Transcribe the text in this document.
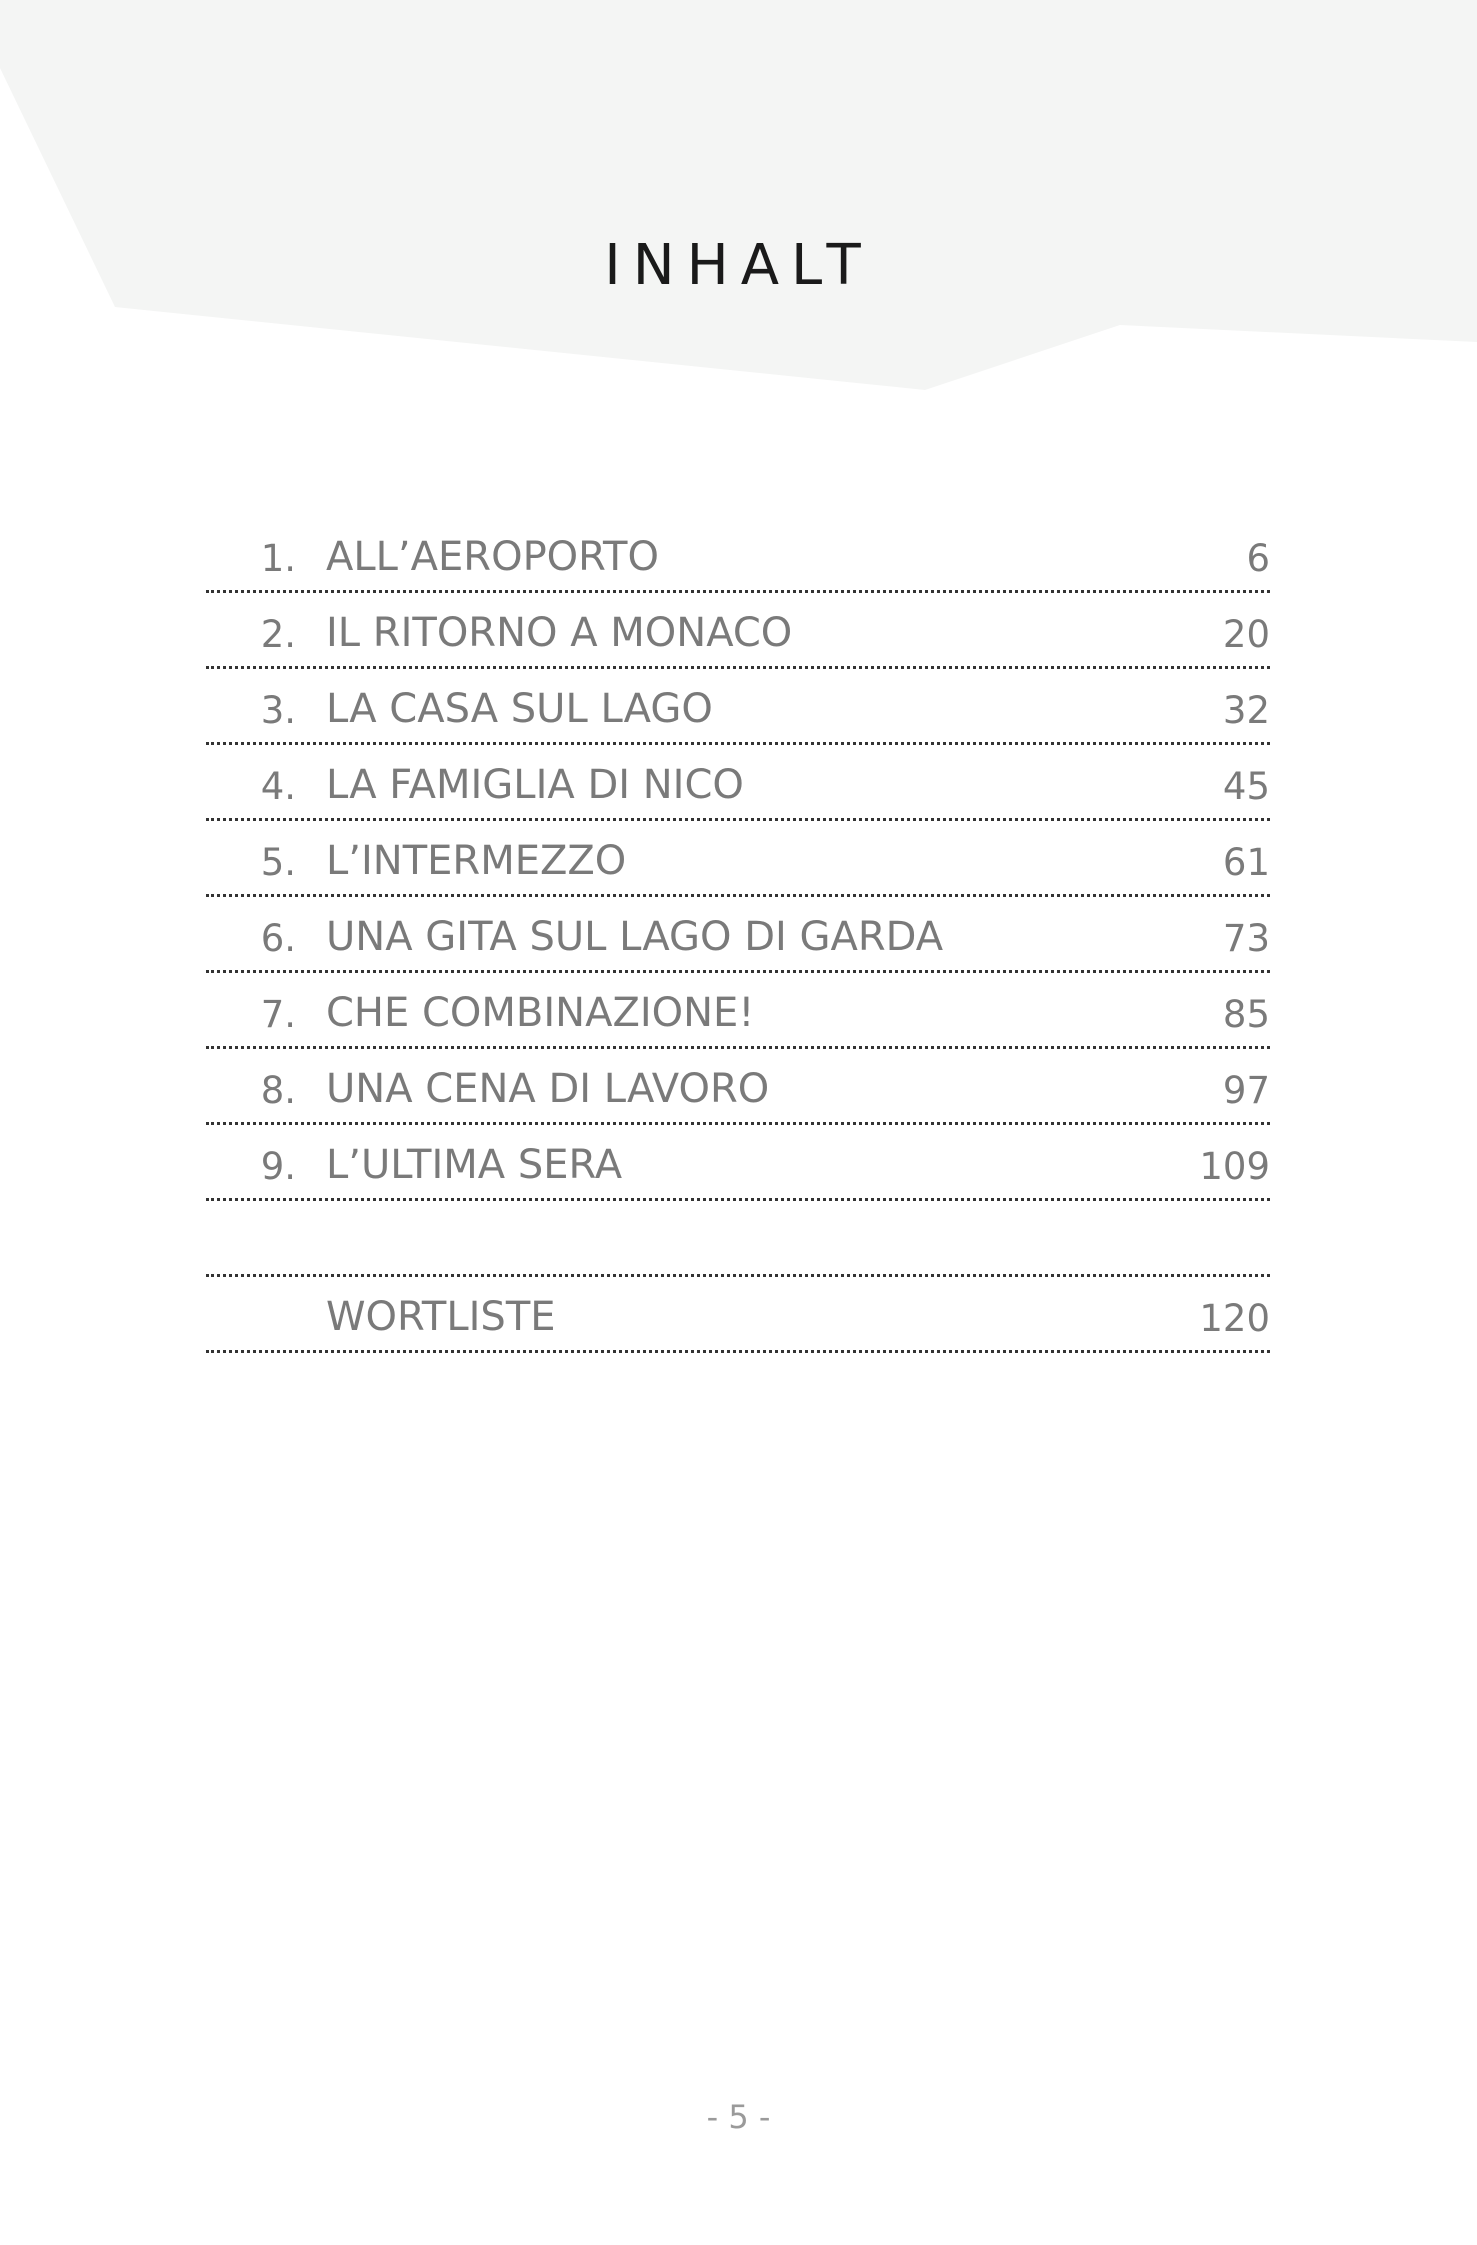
INHALT
1. ALL’AEROPORTO	6
2. IL RITORNO A MONACO	20
3. LA CASA SUL LAGO	32
4. LA FAMIGLIA DI NICO	45
5. L’INTERMEZZO	61
6. UNA GITA SUL LAGO DI GARDA	73
7. CHE COMBINAZIONE!	85
8. UNA CENA DI LAVORO	97
9. L’ULTIMA SERA	109
WORTLISTE	120
- 5 -
